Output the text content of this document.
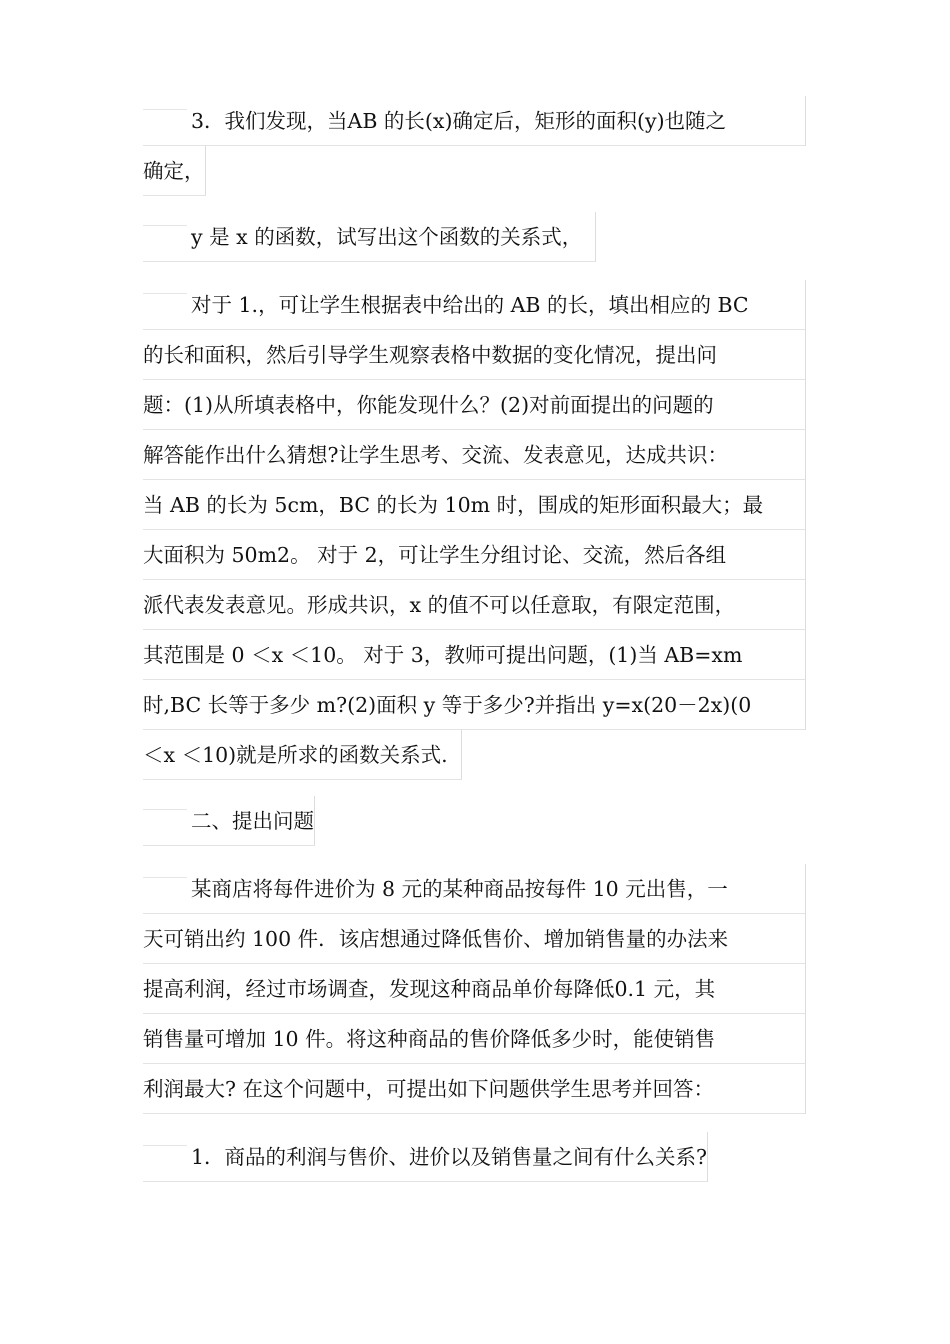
3．我们发现，当AB 的长(x)确定后，矩形的面积(y)也随之
确定，
y 是 x 的函数，试写出这个函数的关系式，
对于 1.，可让学生根据表中给出的 AB 的长，填出相应的 BC
的长和面积，然后引导学生观察表格中数据的变化情况，提出问
题：(1)从所填表格中，你能发现什么？(2)对前面提出的问题的
解答能作出什么猜想?让学生思考、交流、发表意见，达成共识：
当 AB 的长为 5cm，BC 的长为 10m 时，围成的矩形面积最大；最
大面积为 50m2。 对于 2，可让学生分组讨论、交流，然后各组
派代表发表意见。形成共识，x 的值不可以任意取，有限定范围，
其范围是 0 ＜x ＜10。 对于 3，教师可提出问题，(1)当 AB=xm
时,BC 长等于多少 m?(2)面积 y 等于多少?并指出 y=x(20－2x)(0
＜x ＜10)就是所求的函数关系式.
二、提出问题
某商店将每件进价为 8 元的某种商品按每件 10 元出售，一
天可销出约 100 件．该店想通过降低售价、增加销售量的办法来
提高利润，经过市场调查，发现这种商品单价每降低0.1 元，其
销售量可增加 10 件。将这种商品的售价降低多少时，能使销售
利润最大? 在这个问题中，可提出如下问题供学生思考并回答：
1．商品的利润与售价、进价以及销售量之间有什么关系?
